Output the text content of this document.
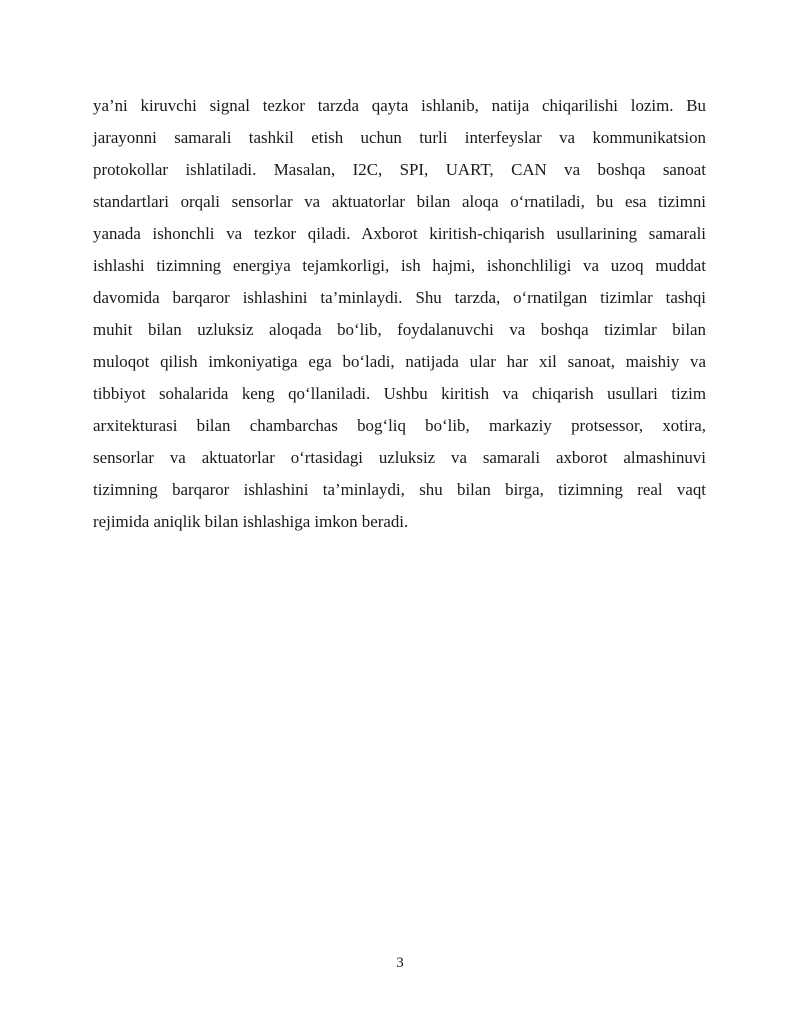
ya’ni kiruvchi signal tezkor tarzda qayta ishlanib, natija chiqarilishi lozim. Bu
jarayonni samarali tashkil etish uchun turli interfeyslar va kommunikatsion
protokollar ishlatiladi. Masalan, I2C, SPI, UART, CAN va boshqa sanoat
standartlari orqali sensorlar va aktuatorlar bilan aloqa oʻrnatiladi, bu esa tizimni
yanada ishonchli va tezkor qiladi. Axborot kiritish-chiqarish usullarining samarali
ishlashi tizimning energiya tejamkorligi, ish hajmi, ishonchliligi va uzoq muddat
davomida barqaror ishlashini ta’minlaydi. Shu tarzda, oʻrnatilgan tizimlar tashqi
muhit bilan uzluksiz aloqada boʻlib, foydalanuvchi va boshqa tizimlar bilan
muloqot qilish imkoniyatiga ega boʻladi, natijada ular har xil sanoat, maishiy va
tibbiyot sohalarida keng qoʻllaniladi. Ushbu kiritish va chiqarish usullari tizim
arxitekturasi bilan chambarchas bogʻliq boʻlib, markaziy protsessor, xotira,
sensorlar va aktuatorlar oʻrtasidagi uzluksiz va samarali axborot almashinuvi
tizimning barqaror ishlashini ta’minlaydi, shu bilan birga, tizimning real vaqt
rejimida aniqlik bilan ishlashiga imkon beradi.
3
